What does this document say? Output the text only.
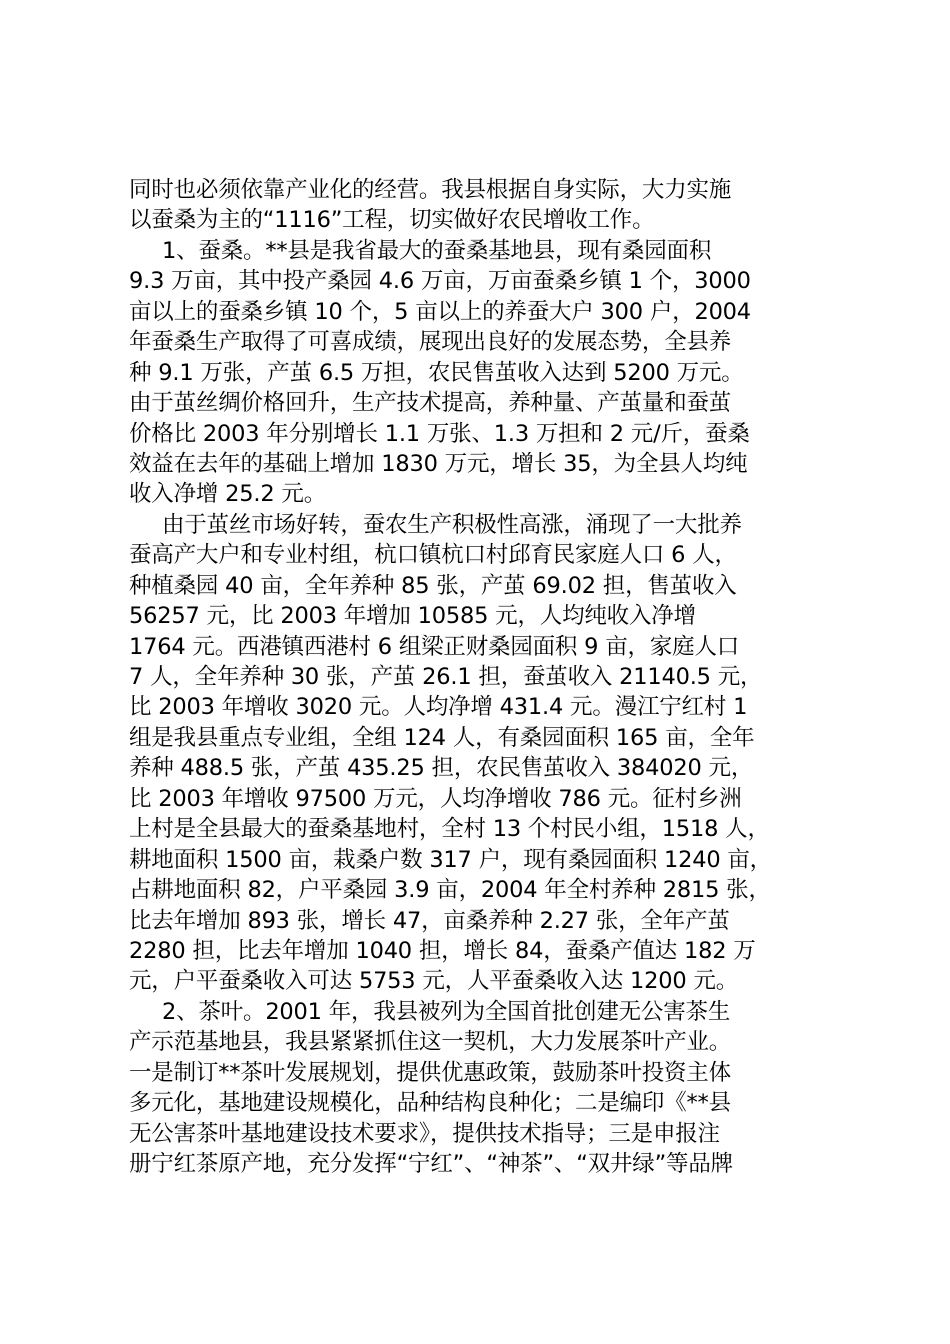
同时也必须依靠产业化的经营。我县根据自身实际，大力实施
以蚕桑为主的“1116”工程，切实做好农民增收工作。
1、蚕桑。**县是我省最大的蚕桑基地县，现有桑园面积
9.3 万亩，其中投产桑园 4.6 万亩，万亩蚕桑乡镇 1 个，3000
亩以上的蚕桑乡镇 10 个，5 亩以上的养蚕大户 300 户，2004
年蚕桑生产取得了可喜成绩，展现出良好的发展态势，全县养
种 9.1 万张，产茧 6.5 万担，农民售茧收入达到 5200 万元。
由于茧丝绸价格回升，生产技术提高，养种量、产茧量和蚕茧
价格比 2003 年分别增长 1.1 万张、1.3 万担和 2 元/斤，蚕桑
效益在去年的基础上增加 1830 万元，增长 35，为全县人均纯
收入净增 25.2 元。
由于茧丝市场好转，蚕农生产积极性高涨，涌现了一大批养
蚕高产大户和专业村组，杭口镇杭口村邱育民家庭人口 6 人，
种植桑园 40 亩，全年养种 85 张，产茧 69.02 担，售茧收入
56257 元，比 2003 年增加 10585 元，人均纯收入净增
1764 元。西港镇西港村 6 组梁正财桑园面积 9 亩，家庭人口
7 人，全年养种 30 张，产茧 26.1 担，蚕茧收入 21140.5 元，
比 2003 年增收 3020 元。人均净增 431.4 元。漫江宁红村 1
组是我县重点专业组，全组 124 人，有桑园面积 165 亩，全年
养种 488.5 张，产茧 435.25 担，农民售茧收入 384020 元，
比 2003 年增收 97500 万元，人均净增收 786 元。征村乡洲
上村是全县最大的蚕桑基地村，全村 13 个村民小组，1518 人，
耕地面积 1500 亩，栽桑户数 317 户，现有桑园面积 1240 亩，
占耕地面积 82，户平桑园 3.9 亩，2004 年全村养种 2815 张，
比去年增加 893 张，增长 47，亩桑养种 2.27 张，全年产茧
2280 担，比去年增加 1040 担，增长 84，蚕桑产值达 182 万
元，户平蚕桑收入可达 5753 元，人平蚕桑收入达 1200 元。
2、茶叶。2001 年，我县被列为全国首批创建无公害茶生
产示范基地县，我县紧紧抓住这一契机，大力发展茶叶产业。
一是制订**茶叶发展规划，提供优惠政策，鼓励茶叶投资主体
多元化，基地建设规模化，品种结构良种化；二是编印《**县
无公害茶叶基地建设技术要求》，提供技术指导；三是申报注
册宁红茶原产地，充分发挥“宁红”、“神茶”、“双井绿”等品牌
